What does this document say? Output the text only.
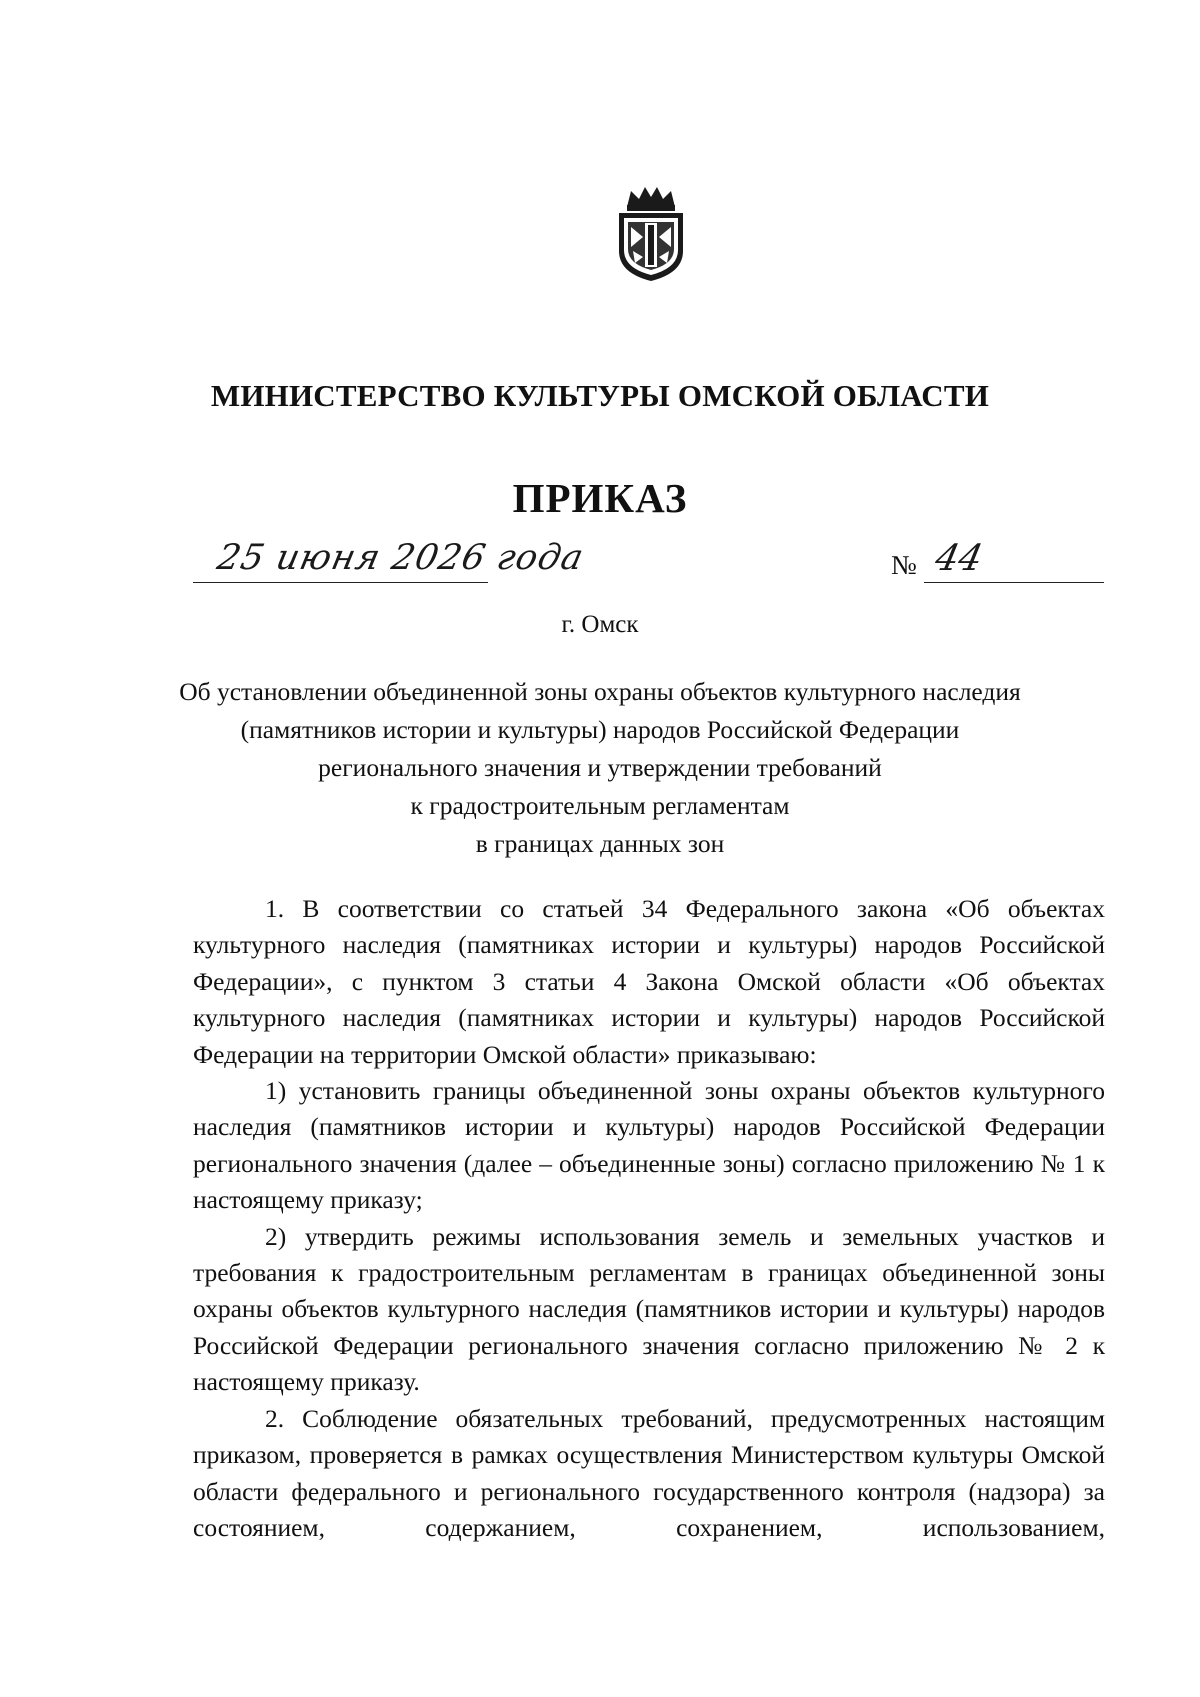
МИНИСТЕРСТВО КУЛЬТУРЫ ОМСКОЙ ОБЛАСТИ
ПРИКАЗ
25 июня 2026 года	№ 44
г. Омск
Об установлении объединенной зоны охраны объектов культурного наследия
(памятников истории и культуры) народов Российской Федерации
регионального значения и утверждении требований
к градостроительным регламентам
в границах данных зон

1. В соответствии со статьей 34 Федерального закона «Об объектах культурного наследия (памятниках истории и культуры) народов Российской Федерации», с пунктом 3 статьи 4 Закона Омской области «Об объектах культурного наследия (памятниках истории и культуры) народов Российской Федерации на территории Омской области» приказываю:

1) установить границы объединенной зоны охраны объектов культурного наследия (памятников истории и культуры) народов Российской Федерации регионального значения (далее – объединенные зоны) согласно приложению № 1 к настоящему приказу;

2) утвердить режимы использования земель и земельных участков и требования к градостроительным регламентам в границах объединенной зоны охраны объектов культурного наследия (памятников истории и культуры) народов Российской Федерации регионального значения согласно приложению № 2 к настоящему приказу.

2. Соблюдение обязательных требований, предусмотренных настоящим приказом, проверяется в рамках осуществления Министерством культуры Омской области федерального и регионального государственного контроля (надзора) за состоянием, содержанием, сохранением, использованием,
